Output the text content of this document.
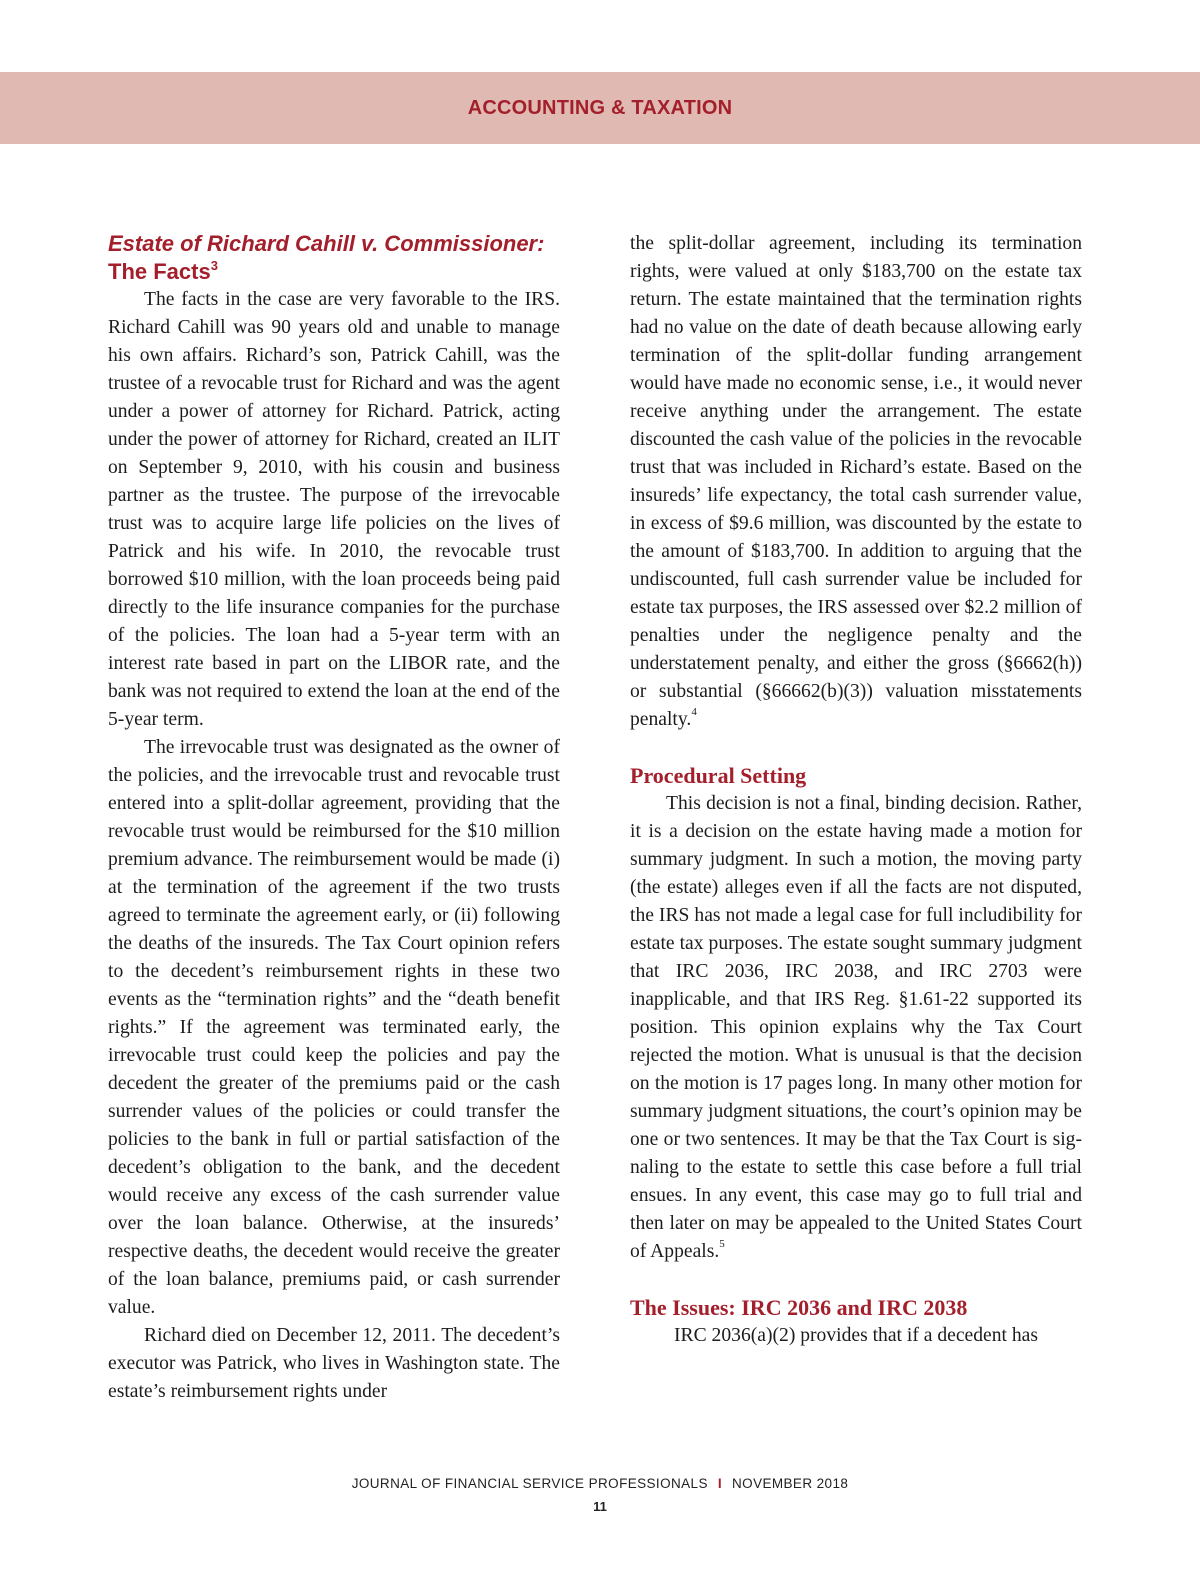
ACCOUNTING & TAXATION
Estate of Richard Cahill v. Commissioner:
The Facts$^3$

The facts in the case are very favorable to the IRS. Richard Cahill was 90 years old and unable to manage his own affairs. Richard’s son, Patrick Cahill, was the trustee of a revocable trust for Richard and was the agent under a power of attorney for Richard. Patrick, acting under the power of attorney for Richard, created an ILIT on September 9, 2010, with his cousin and business partner as the trustee. The purpose of the irrevocable trust was to acquire large life policies on the lives of Patrick and his wife. In 2010, the revocable trust borrowed $10 million, with the loan proceeds being paid directly to the life insurance companies for the purchase of the policies. The loan had a 5-year term with an interest rate based in part on the LIBOR rate, and the bank was not required to extend the loan at the end of the 5-year term.

The irrevocable trust was designated as the owner of the policies, and the irrevocable trust and revocable trust entered into a split-dollar agreement, providing that the revocable trust would be reimbursed for the $10 million premium advance. The reimbursement would be made (i) at the termination of the agreement if the two trusts agreed to terminate the agreement early, or (ii) following the deaths of the insureds. The Tax Court opinion refers to the decedent’s reimbursement rights in these two events as the “termination rights” and the “death benefit rights.” If the agreement was terminated early, the irrevocable trust could keep the policies and pay the decedent the greater of the premiums paid or the cash surrender values of the policies or could transfer the policies to the bank in full or partial satisfaction of the decedent’s obligation to the bank, and the decedent would receive any excess of the cash surrender value over the loan balance. Otherwise, at the insureds’ respective deaths, the decedent would receive the greater of the loan balance, premiums paid, or cash surrender value.

Richard died on December 12, 2011. The decedent’s executor was Patrick, who lives in Washington state. The estate’s reimbursement rights under

the split-dollar agreement, including its termination rights, were valued at only $183,700 on the estate tax return. The estate maintained that the termination rights had no value on the date of death because allowing early termination of the split-dollar funding arrangement would have made no economic sense, i.e., it would never receive anything under the arrangement. The estate discounted the cash value of the policies in the revocable trust that was included in Richard’s estate. Based on the insureds’ life expectancy, the total cash surrender value, in excess of $9.6 million, was discounted by the estate to the amount of $183,700. In addition to arguing that the undiscounted, full cash surrender value be included for estate tax purposes, the IRS assessed over $2.2 million of penalties under the negligence penalty and the understatement penalty, and either the gross (§6662(h)) or substantial (§66662(b)(3)) valuation misstatements penalty.$^4$

Procedural Setting

This decision is not a final, binding decision. Rather, it is a decision on the estate having made a motion for summary judgment. In such a motion, the moving party (the estate) alleges even if all the facts are not disputed, the IRS has not made a legal case for full includibility for estate tax purposes. The estate sought summary judgment that IRC 2036, IRC 2038, and IRC 2703 were inapplicable, and that IRS Reg. §1.61-22 supported its position. This opinion explains why the Tax Court rejected the motion. What is unusual is that the decision on the motion is 17 pages long. In many other motion for summary judgment situations, the court’s opinion may be one or two sentences. It may be that the Tax Court is signaling to the estate to settle this case before a full trial ensues. In any event, this case may go to full trial and then later on may be appealed to the United States Court of Appeals.$^5$

The Issues: IRC 2036 and IRC 2038

IRC 2036(a)(2) provides that if a decedent has

JOURNAL OF FINANCIAL SERVICE PROFESSIONALS I NOVEMBER 2018
11
